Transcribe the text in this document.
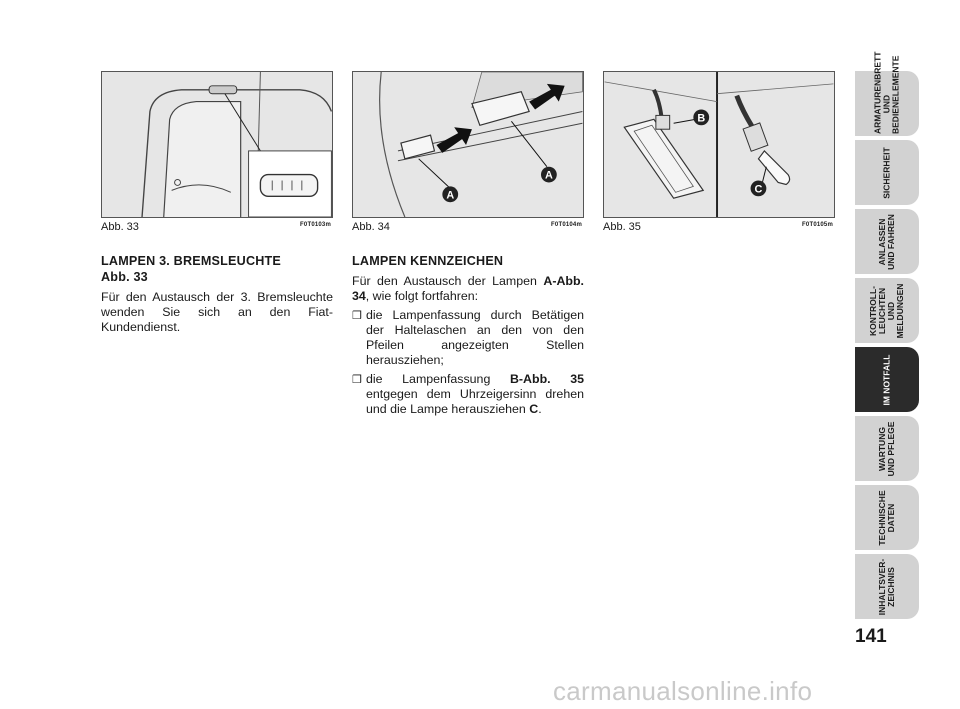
A
A
B
C
Abb. 33	F0T0103m Abb. 34	F0T0104m Abb. 35	F0T0105m
LAMPEN 3. BREMSLEUCHTE
Abb. 33

Für den Austausch der 3. Bremsleuchte wenden Sie sich an den Fiat-Kundendienst.

LAMPEN KENNZEICHEN

Für den Austausch der Lampen A-Abb. 34, wie folgt fortfahren:

❒ die Lampenfassung durch Betätigen der Haltelaschen an den von den Pfeilen angezeigten Stellen herausziehen;
❒ die Lampenfassung B-Abb. 35 entgegen dem Uhrzeigersinn drehen und die Lampe herausziehen C.
ARMATURENBRETT
UND
BEDIENELEMENTE
SICHERHEIT
ANLASSEN
UND FAHREN
KONTROLL-
LEUCHTEN UND
MELDUNGEN
IM NOTFALL
WARTUNG
UND PFLEGE
TECHNISCHE
DATEN
INHALTSVER-
ZEICHNIS
141
carmanualsonline.info
